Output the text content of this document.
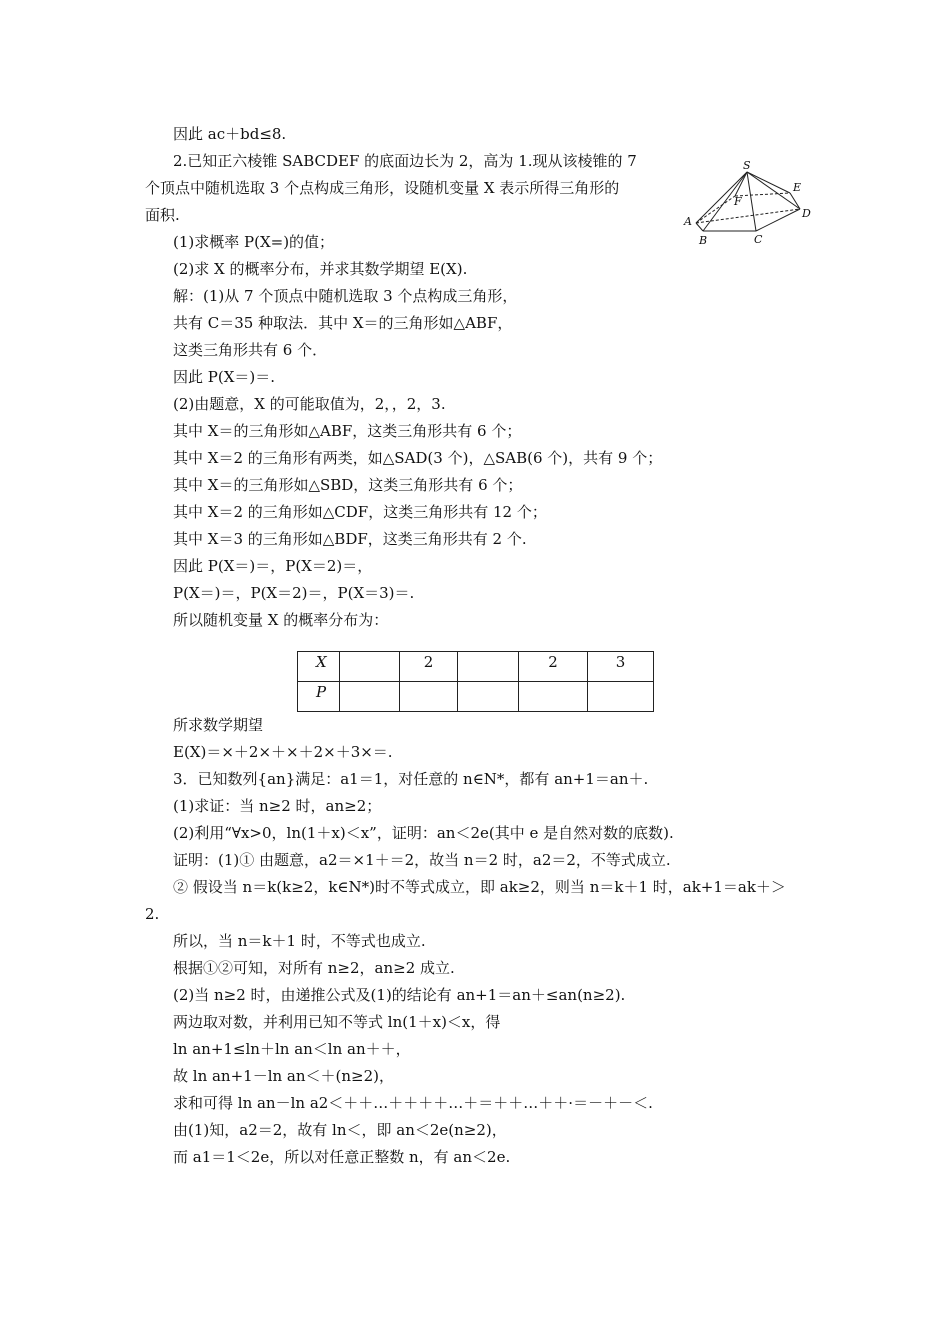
因此 ac＋bd≤8.
2.已知正六棱锥 SABCDEF 的底面边长为 2，高为 1.现从该棱锥的 7
个顶点中随机选取 3 个点构成三角形，设随机变量 X 表示所得三角形的
面积.
(1)求概率 P(X=)的值；
(2)求 X 的概率分布，并求其数学期望 E(X).
解：(1)从 7 个顶点中随机选取 3 个点构成三角形，
共有 C＝35 种取法．其中 X＝的三角形如△ABF，
这类三角形共有 6 个．
因此 P(X＝)＝.
(2)由题意，X 的可能取值为，2，，2，3.
其中 X＝的三角形如△ABF，这类三角形共有 6 个；
其中 X＝2 的三角形有两类，如△SAD(3 个)，△SAB(6 个)，共有 9 个；
其中 X＝的三角形如△SBD，这类三角形共有 6 个；
其中 X＝2 的三角形如△CDF，这类三角形共有 12 个；
其中 X＝3 的三角形如△BDF，这类三角形共有 2 个.
因此 P(X＝)＝，P(X＝2)＝，
P(X＝)＝，P(X＝2)＝，P(X＝3)＝.
所以随机变量 X 的概率分布为：
X		2		2	3
P					
所求数学期望
E(X)＝×＋2×＋×＋2×＋3×＝.
3．已知数列{an}满足：a1＝1，对任意的 n∈N*，都有 an+1＝an＋.
(1)求证：当 n≥2 时，an≥2；
(2)利用“∀x>0，ln(1＋x)＜x”，证明：an＜2e(其中 e 是自然对数的底数).
证明：(1)① 由题意，a2＝×1＋＝2，故当 n＝2 时，a2＝2，不等式成立.
② 假设当 n＝k(k≥2，k∈N*)时不等式成立，即 ak≥2，则当 n＝k＋1 时，ak+1＝ak＋＞
2.
所以，当 n＝k＋1 时，不等式也成立.
根据①②可知，对所有 n≥2，an≥2 成立.
(2)当 n≥2 时，由递推公式及(1)的结论有 an+1＝an＋≤an(n≥2).
两边取对数，并利用已知不等式 ln(1＋x)＜x，得
ln an+1≤ln＋ln an＜ln an＋＋，
故 ln an+1－ln an＜＋(n≥2)，
求和可得 ln an－ln a2＜＋＋…＋＋＋＋…＋＝＋＋…＋＋·＝－＋－＜.
由(1)知，a2＝2，故有 ln＜，即 an＜2e(n≥2)，
而 a1＝1＜2e，所以对任意正整数 n，有 an＜2e.
S
E
F
A
D
B	C
